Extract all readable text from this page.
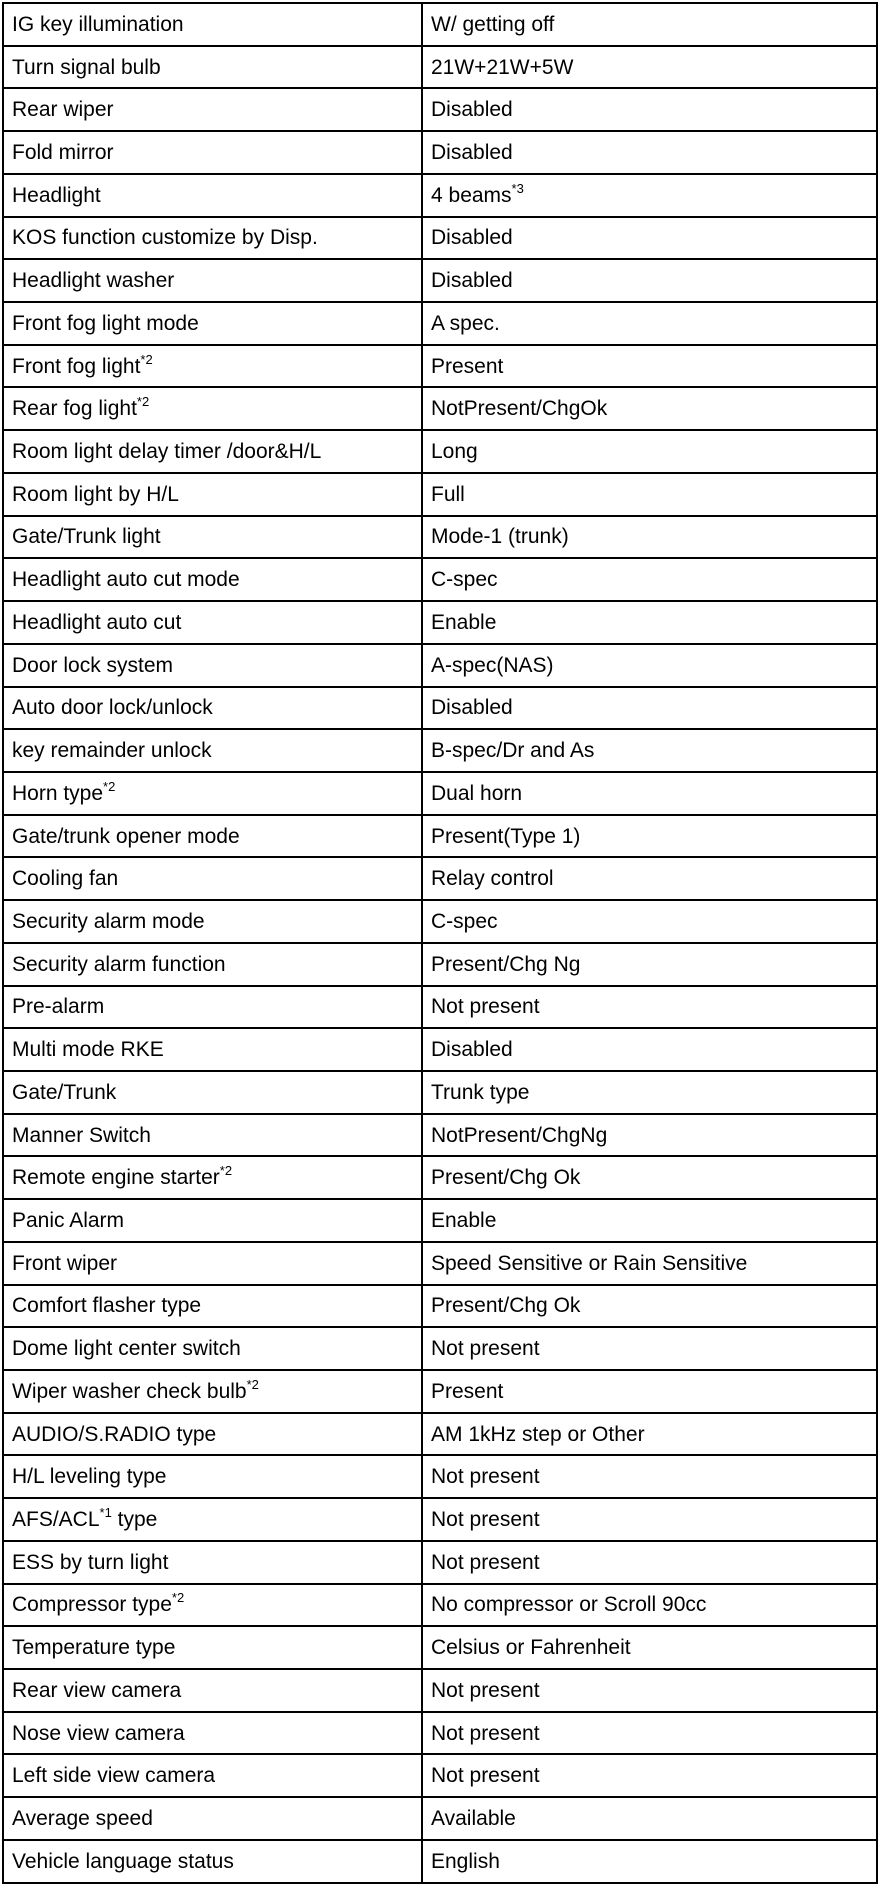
IG key illumination	W/ getting off
Turn signal bulb	21W+21W+5W
Rear wiper	Disabled
Fold mirror	Disabled
Headlight	4 beams$^{*3}$
KOS function customize by Disp.	Disabled
Headlight washer	Disabled
Front fog light mode	A spec.
Front fog light$^{*2}$	Present
Rear fog light$^{*2}$	NotPresent/ChgOk
Room light delay timer /door&H/L	Long
Room light by H/L	Full
Gate/Trunk light	Mode-1 (trunk)
Headlight auto cut mode	C-spec
Headlight auto cut	Enable
Door lock system	A-spec(NAS)
Auto door lock/unlock	Disabled
key remainder unlock	B-spec/Dr and As
Horn type$^{*2}$	Dual horn
Gate/trunk opener mode	Present(Type 1)
Cooling fan	Relay control
Security alarm mode	C-spec
Security alarm function	Present/Chg Ng
Pre-alarm	Not present
Multi mode RKE	Disabled
Gate/Trunk	Trunk type
Manner Switch	NotPresent/ChgNg
Remote engine starter$^{*2}$	Present/Chg Ok
Panic Alarm	Enable
Front wiper	Speed Sensitive or Rain Sensitive
Comfort flasher type	Present/Chg Ok
Dome light center switch	Not present
Wiper washer check bulb$^{*2}$	Present
AUDIO/S.RADIO type	AM 1kHz step or Other
H/L leveling type	Not present
AFS/ACL$^{*1}$ type	Not present
ESS by turn light	Not present
Compressor type$^{*2}$	No compressor or Scroll 90cc
Temperature type	Celsius or Fahrenheit
Rear view camera	Not present
Nose view camera	Not present
Left side view camera	Not present
Average speed	Available
Vehicle language status	English
